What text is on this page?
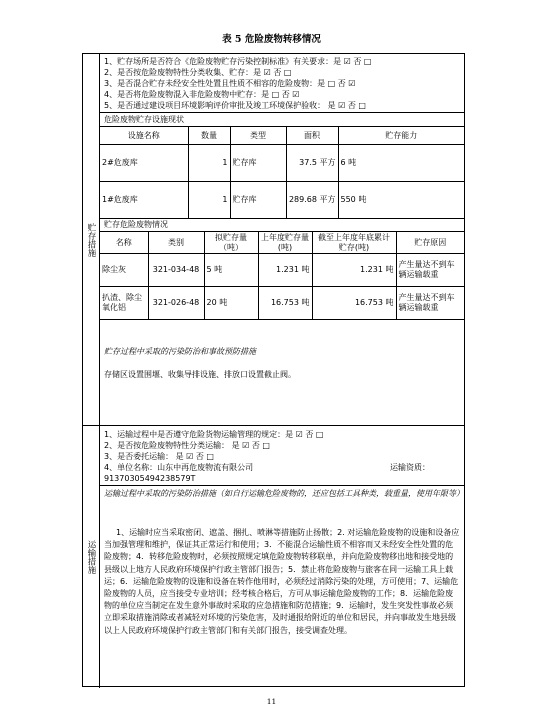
表 5 危险废物转移情况
贮存措施
运输措施
1、贮存场所是否符合《危险废物贮存污染控制标准》有关要求：是 ☑ 否 □
2、是否按危险废物特性分类收集、贮存：是 ☑ 否 □
3、是否混合贮存未经安全性处置且性质不相容的危险废物：是 □ 否 ☑
4、是否将危险废物混入非危险废物中贮存：是 □ 否 ☑
5、是否通过建设项目环境影响评价审批及竣工环境保护验收： 是 ☑ 否 □
危险废物贮存设施现状
设施名称	数量	类型	面积	贮存能力
2#危废库	1	贮存库	37.5 平方	6 吨
1#危废库	1	贮存库	289.68 平方	550 吨
贮存危险废物情况
名称	类别	拟贮存量（吨）	上年度贮存量(吨)	截至上年度年底累计贮存(吨)	贮存原因
除尘灰	321-034-48	5 吨	1.231 吨	1.231 吨	产生量达不到车辆运输载重
扒渣、除尘氧化铝	321-026-48	20 吨	16.753 吨	16.753 吨	产生量达不到车辆运输载重
贮存过程中采取的污染防治和事故预防措施
存储区设置围堰、收集导排设施、排放口设置截止阀。
1、运输过程中是否遵守危险货物运输管理的规定：是 ☑ 否 □
2、是否按危险废物特性分类运输： 是 ☑ 否 □
3、是否委托运输： 是 ☑ 否 □
4、单位名称：山东中再危废物流有限公司	运输资质：
91370305494238579T
运输过程中采取的污染防治措施（如自行运输危险废物的，还应包括工具种类，载重量，使用年限等）
1、运输时应当采取密闭、遮盖、捆扎、喷淋等措施防止扬散；2. 对运输危险废物的设施和设备应当加强管理和维护，保证其正常运行和使用；3．不能混合运输性质不相容而又未经安全性处置的危险废物；4．转移危险废物时，必须按照规定填危险废物转移联单，并向危险废物移出地和接受地的县级以上地方人民政府环境保护行政主管部门报告；5．禁止将危险废物与旅客在同一运输工具上载运；6．运输危险废物的设施和设备在转作他用时，必须经过消除污染的处理，方可使用；7、运输危险废物的人员，应当接受专业培训；经考核合格后，方可从事运输危险废物的工作；8．运输危险废物的单位应当制定在发生意外事故时采取的应急措施和防范措施；9．运输时，发生突发性事故必须立即采取措施消除或者减轻对环境的污染危害，及时通报给附近的单位和居民，并向事故发生地县级以上人民政府环境保护行政主管部门和有关部门报告，接受调查处理。
11
